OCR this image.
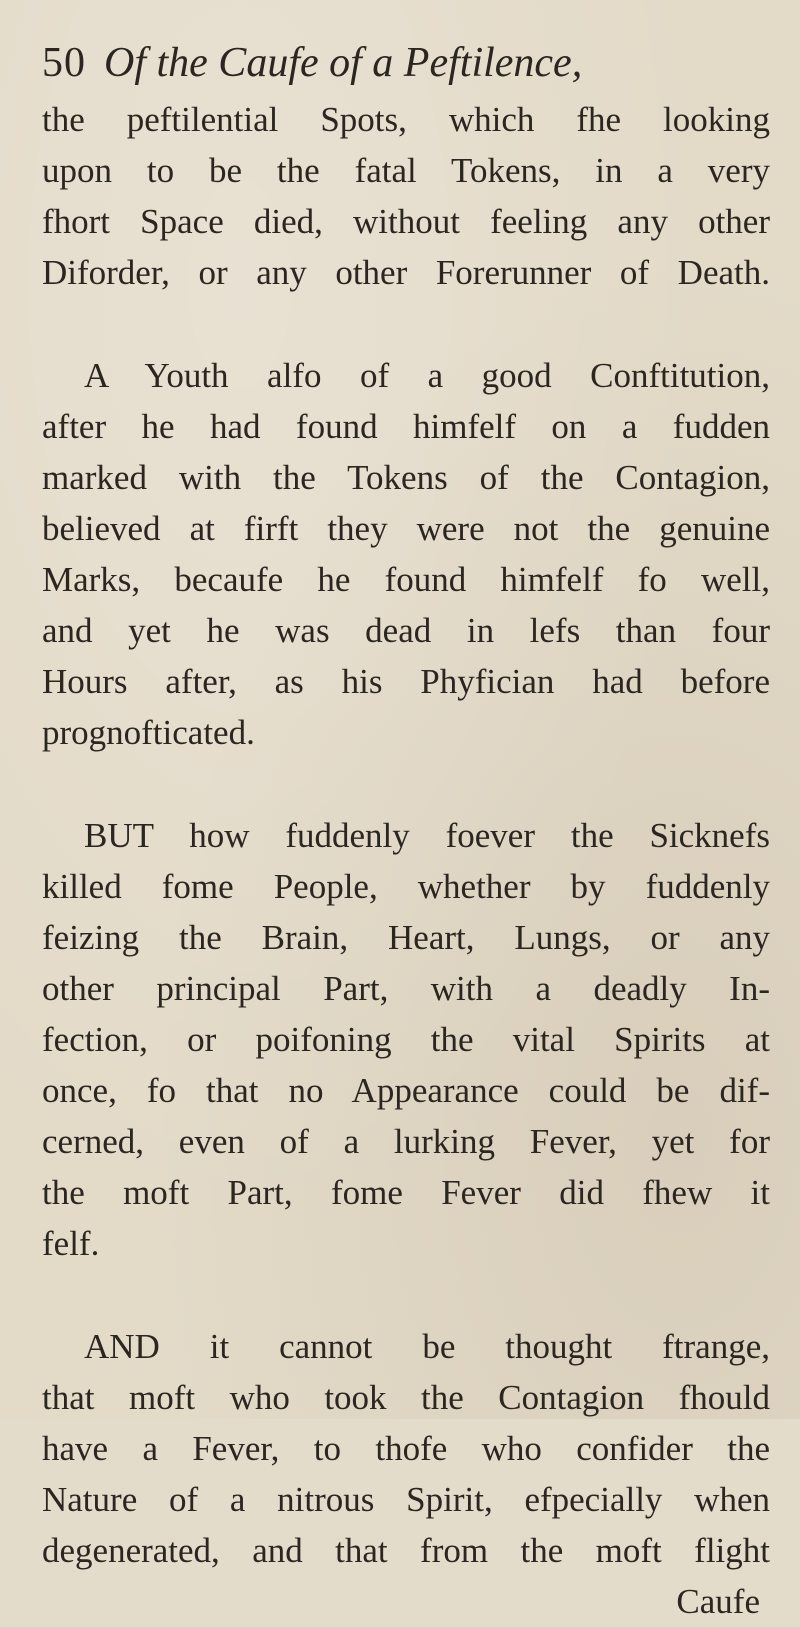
50 Of the Caufe of a Peftilence,

the peftilential Spots, which fhe looking
upon to be the fatal Tokens, in a very
fhort Space died, without feeling any other
Diforder, or any other Forerunner of Death.

A Youth alfo of a good Conftitution,
after he had found himfelf on a fudden
marked with the Tokens of the Contagion,
believed at firft they were not the genuine
Marks, becaufe he found himfelf fo well,
and yet he was dead in lefs than four
Hours after, as his Phyfician had before
prognofticated.

BUT how fuddenly foever the Sicknefs
killed fome People, whether by fuddenly
feizing the Brain, Heart, Lungs, or any
other principal Part, with a deadly In-
fection, or poifoning the vital Spirits at
once, fo that no Appearance could be dif-
cerned, even of a lurking Fever, yet for
the moft Part, fome Fever did fhew it
felf.

AND it cannot be thought ftrange,
that moft who took the Contagion fhould
have a Fever, to thofe who confider the
Nature of a nitrous Spirit, efpecially when
degenerated, and that from the moft flight

Caufe
